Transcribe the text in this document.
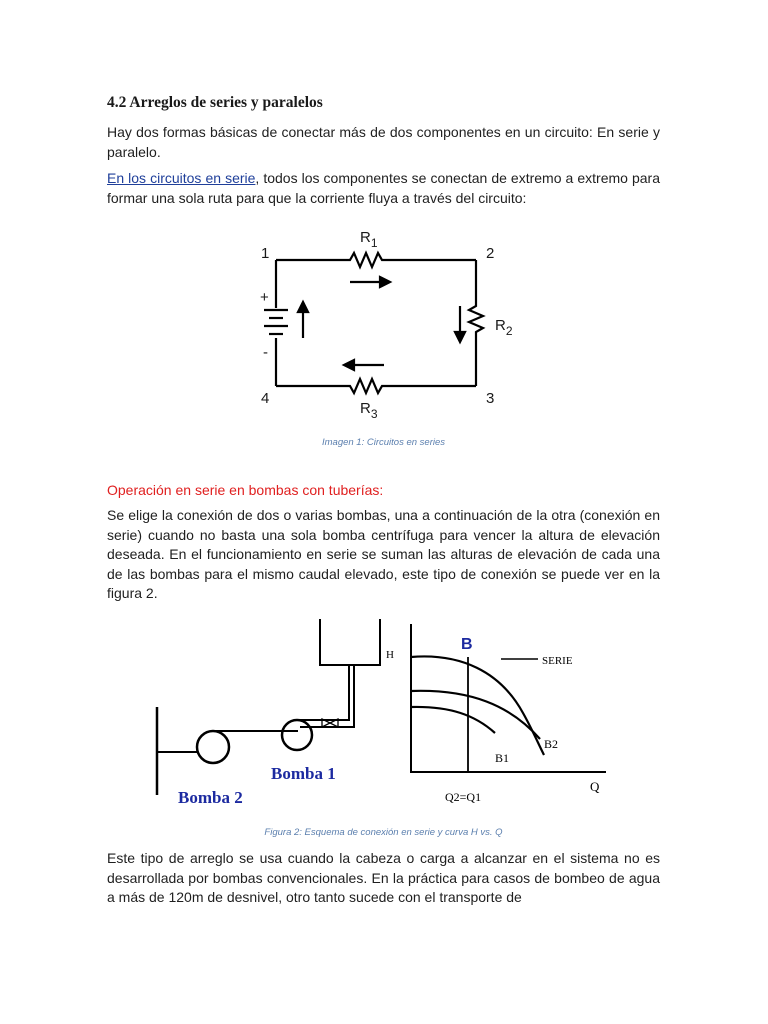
4.2 Arreglos de series y paralelos

Hay dos formas básicas de conectar más de dos componentes en un circuito: En serie y paralelo.

En los circuitos en serie, todos los componentes se conectan de extremo a extremo para formar una sola ruta para que la corriente fluya a través del circuito:

1	2
3
4
+
-
$R_1$
$R_2$
$R_3$

Imagen 1: Circuitos en series

Operación en serie en bombas con tuberías:

Se elige la conexión de dos o varias bombas, una a continuación de la otra (conexión en serie) cuando no basta una sola bomba centrífuga para vencer la altura de elevación deseada. En el funcionamiento en serie se suman las alturas de elevación de cada una de las bombas para el mismo caudal elevado, este tipo de conexión se puede ver en la figura 2.

H
B
SERIE
B2
B1
Q2=Q1
Q
Bomba 1
Bomba 2

Figura 2: Esquema de conexión en serie y curva H vs. Q

Este tipo de arreglo se usa cuando la cabeza o carga a alcanzar en el sistema no es desarrollada por bombas convencionales. En la práctica para casos de bombeo de agua a más de 120m de desnivel, otro tanto sucede con el transporte de
